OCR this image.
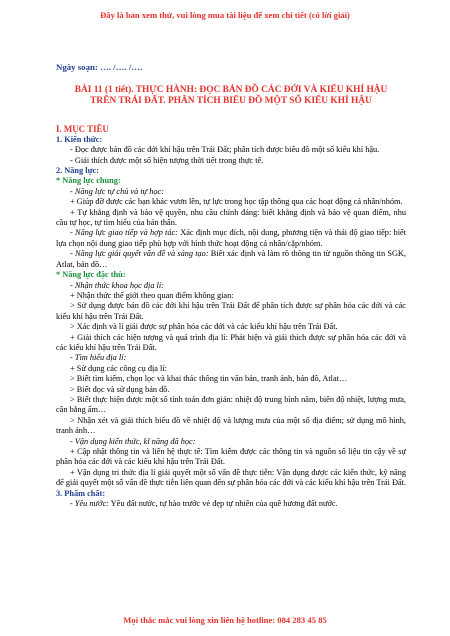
Đây là bản xem thử, vui lòng mua tài liệu để xem chi tiết (có lời giải)

Ngày soạn: …. /…. /….

BÀI 11 (1 tiết). THỰC HÀNH: ĐỌC BẢN ĐỒ CÁC ĐỚI VÀ KIỂU KHÍ HẬU TRÊN TRÁI ĐẤT. PHÂN TÍCH BIỂU ĐỒ MỘT SỐ KIỂU KHÍ HẬU

I. MỤC TIÊU

1. Kiến thức:

- Đọc được bản đồ các đới khí hậu trên Trái Đất; phân tích được biểu đồ một số kiểu khí hậu.

- Giải thích được một số hiện tượng thời tiết trong thực tế.

2. Năng lực:

* Năng lực chung:

- Năng lực tự chủ và tự học:

+ Giúp đỡ được các bạn khác vươn lên, tự lực trong học tập thông qua các hoạt động cá nhân/nhóm.

+ Tự khẳng định và bảo vệ quyền, nhu cầu chính đáng: biết khẳng định và bảo vệ quan điểm, nhu cầu tự học, tự tìm hiểu của bản thân.

- Năng lực giao tiếp và hợp tác: Xác định mục đích, nội dung, phương tiện và thái độ giao tiếp: biết lựa chọn nội dung giao tiếp phù hợp với hình thức hoạt động cá nhân/cặp/nhóm.

- Năng lực giải quyết vấn đề và sáng tạo: Biết xác định và làm rõ thông tin từ nguồn thông tin SGK, Atlat, bản đồ…

* Năng lực đặc thù:

- Nhận thức khoa học địa lí:

+ Nhận thức thế giới theo quan điểm không gian:

> Sử dụng được bản đồ các đới khí hậu trên Trái Đất để phân tích được sự phân hóa các đới và các kiểu khí hậu trên Trái Đất.

> Xác định và lí giải được sự phân hóa các đới và các kiểu khí hậu trên Trái Đất.

+ Giải thích các hiện tượng và quá trình địa lí: Phát hiện và giải thích được sự phân hóa các đới và các kiểu khí hậu trên Trái Đất.

- Tìm hiểu địa lí:

+ Sử dụng các công cụ địa lí:

> Biết tìm kiếm, chọn lọc và khai thác thông tin văn bản, tranh ảnh, bản đồ, Atlat…

> Biết đọc và sử dụng bản đồ.

> Biết thực hiện được một số tính toán đơn giản: nhiệt độ trung bình năm, biên độ nhiệt, lượng mưa, cân bằng ẩm…

> Nhận xét và giải thích biểu đồ về nhiệt độ và lượng mưa của một số địa điểm; sử dụng mô hình, tranh ảnh…

- Vận dụng kiến thức, kĩ năng đã học:

+ Cập nhật thông tin và liên hệ thực tế: Tìm kiếm được các thông tin và nguồn số liệu tin cậy về sự phân hóa các đới và các kiểu khí hậu trên Trái Đất.

+ Vận dụng tri thức địa lí giải quyết một số vấn đề thực tiễn: Vận dụng được các kiến thức, kỹ năng để giải quyết một số vấn đề thực tiễn liên quan đến sự phân hóa các đới và các kiểu khí hậu trên Trái Đất.

3. Phẩm chất:

- Yêu nước: Yêu đất nước, tự hào trước vẻ đẹp tự nhiên của quê hương đất nước.

Mọi thắc mắc vui lòng xin liên hệ hotline: 084 283 45 85
